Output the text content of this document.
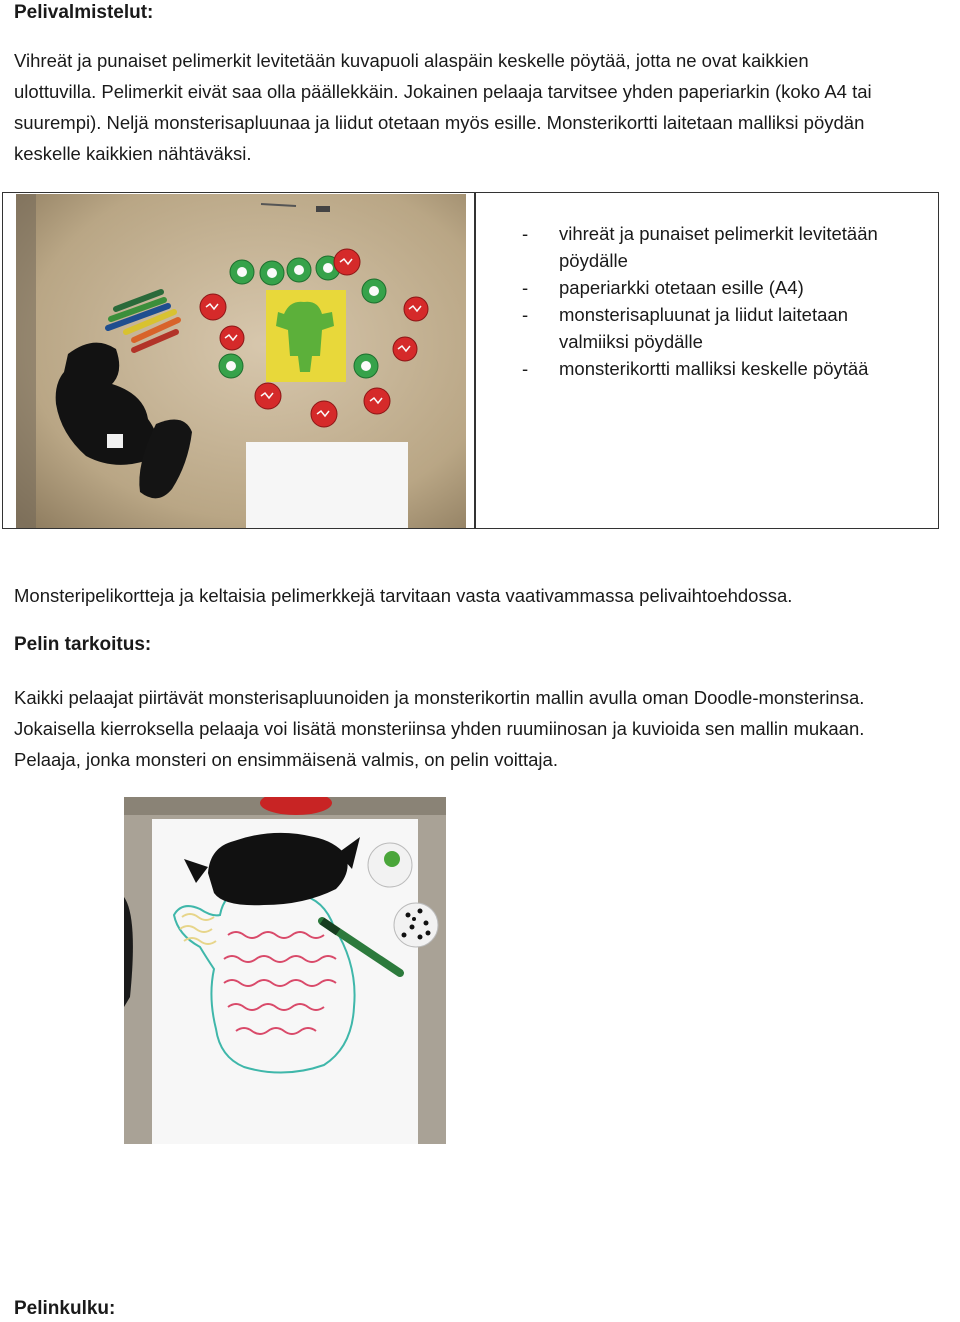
Pelivalmistelut:
Vihreät ja punaiset pelimerkit levitetään kuvapuoli alaspäin keskelle pöytää, jotta ne ovat kaikkien
ulottuvilla. Pelimerkit eivät saa olla päällekkäin. Jokainen pelaaja tarvitsee yhden paperiarkin (koko A4 tai
suurempi). Neljä monsterisapluunaa ja liidut otetaan myös esille. Monsterikortti laitetaan malliksi pöydän
keskelle kaikkien nähtäväksi.
- vihreät ja punaiset pelimerkit levitetään pöydälle
- paperiarkki otetaan esille (A4)
- monsterisapluunat ja liidut laitetaan valmiiksi pöydälle
- monsterikortti malliksi keskelle pöytää
Monsteripelikortteja ja keltaisia pelimerkkejä tarvitaan vasta vaativammassa pelivaihtoehdossa.
Pelin tarkoitus:
Kaikki pelaajat piirtävät monsterisapluunoiden ja monsterikortin mallin avulla oman Doodle-monsterinsa.
Jokaisella kierroksella pelaaja voi lisätä monsteriinsa yhden ruumiinosan ja kuvioida sen mallin mukaan.
Pelaaja, jonka monsteri on ensimmäisenä valmis, on pelin voittaja.
Pelinkulku:
